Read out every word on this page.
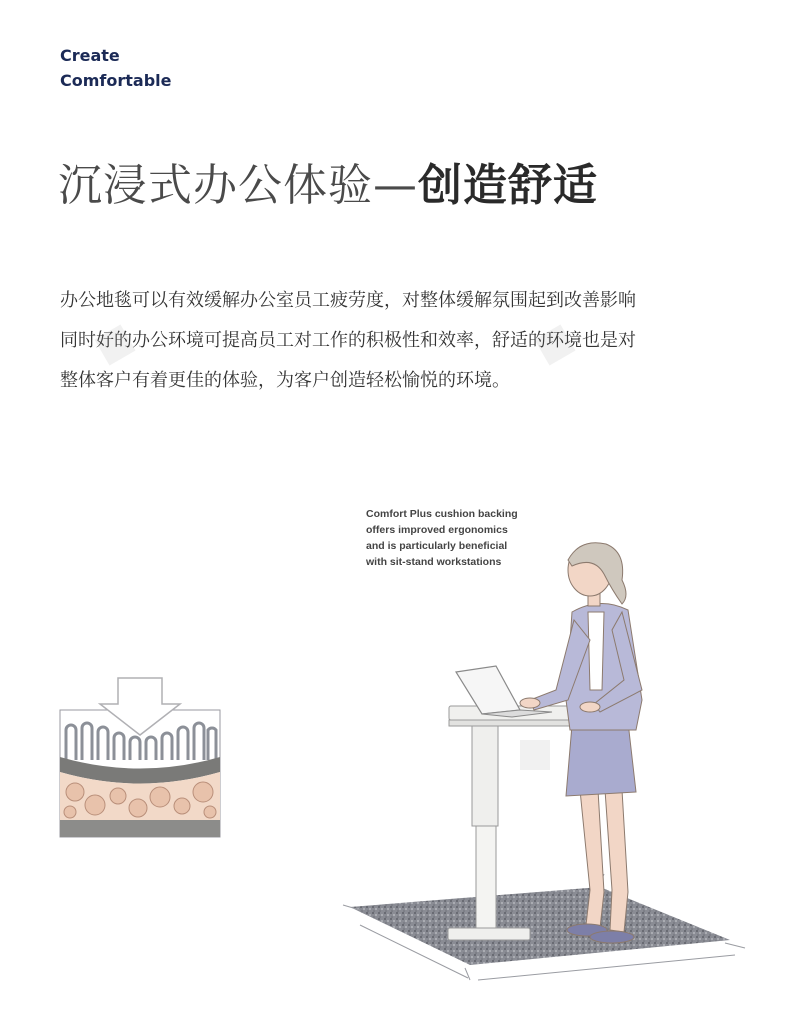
Create
Comfortable
沉浸式办公体验—创造舒适
办公地毯可以有效缓解办公室员工疲劳度，对整体缓解氛围起到改善影响
同时好的办公环境可提高员工对工作的积极性和效率，舒适的环境也是对
整体客户有着更佳的体验，为客户创造轻松愉悦的环境。
Comfort Plus cushion backing
offers improved ergonomics
and is particularly beneficial
with sit-stand workstations
